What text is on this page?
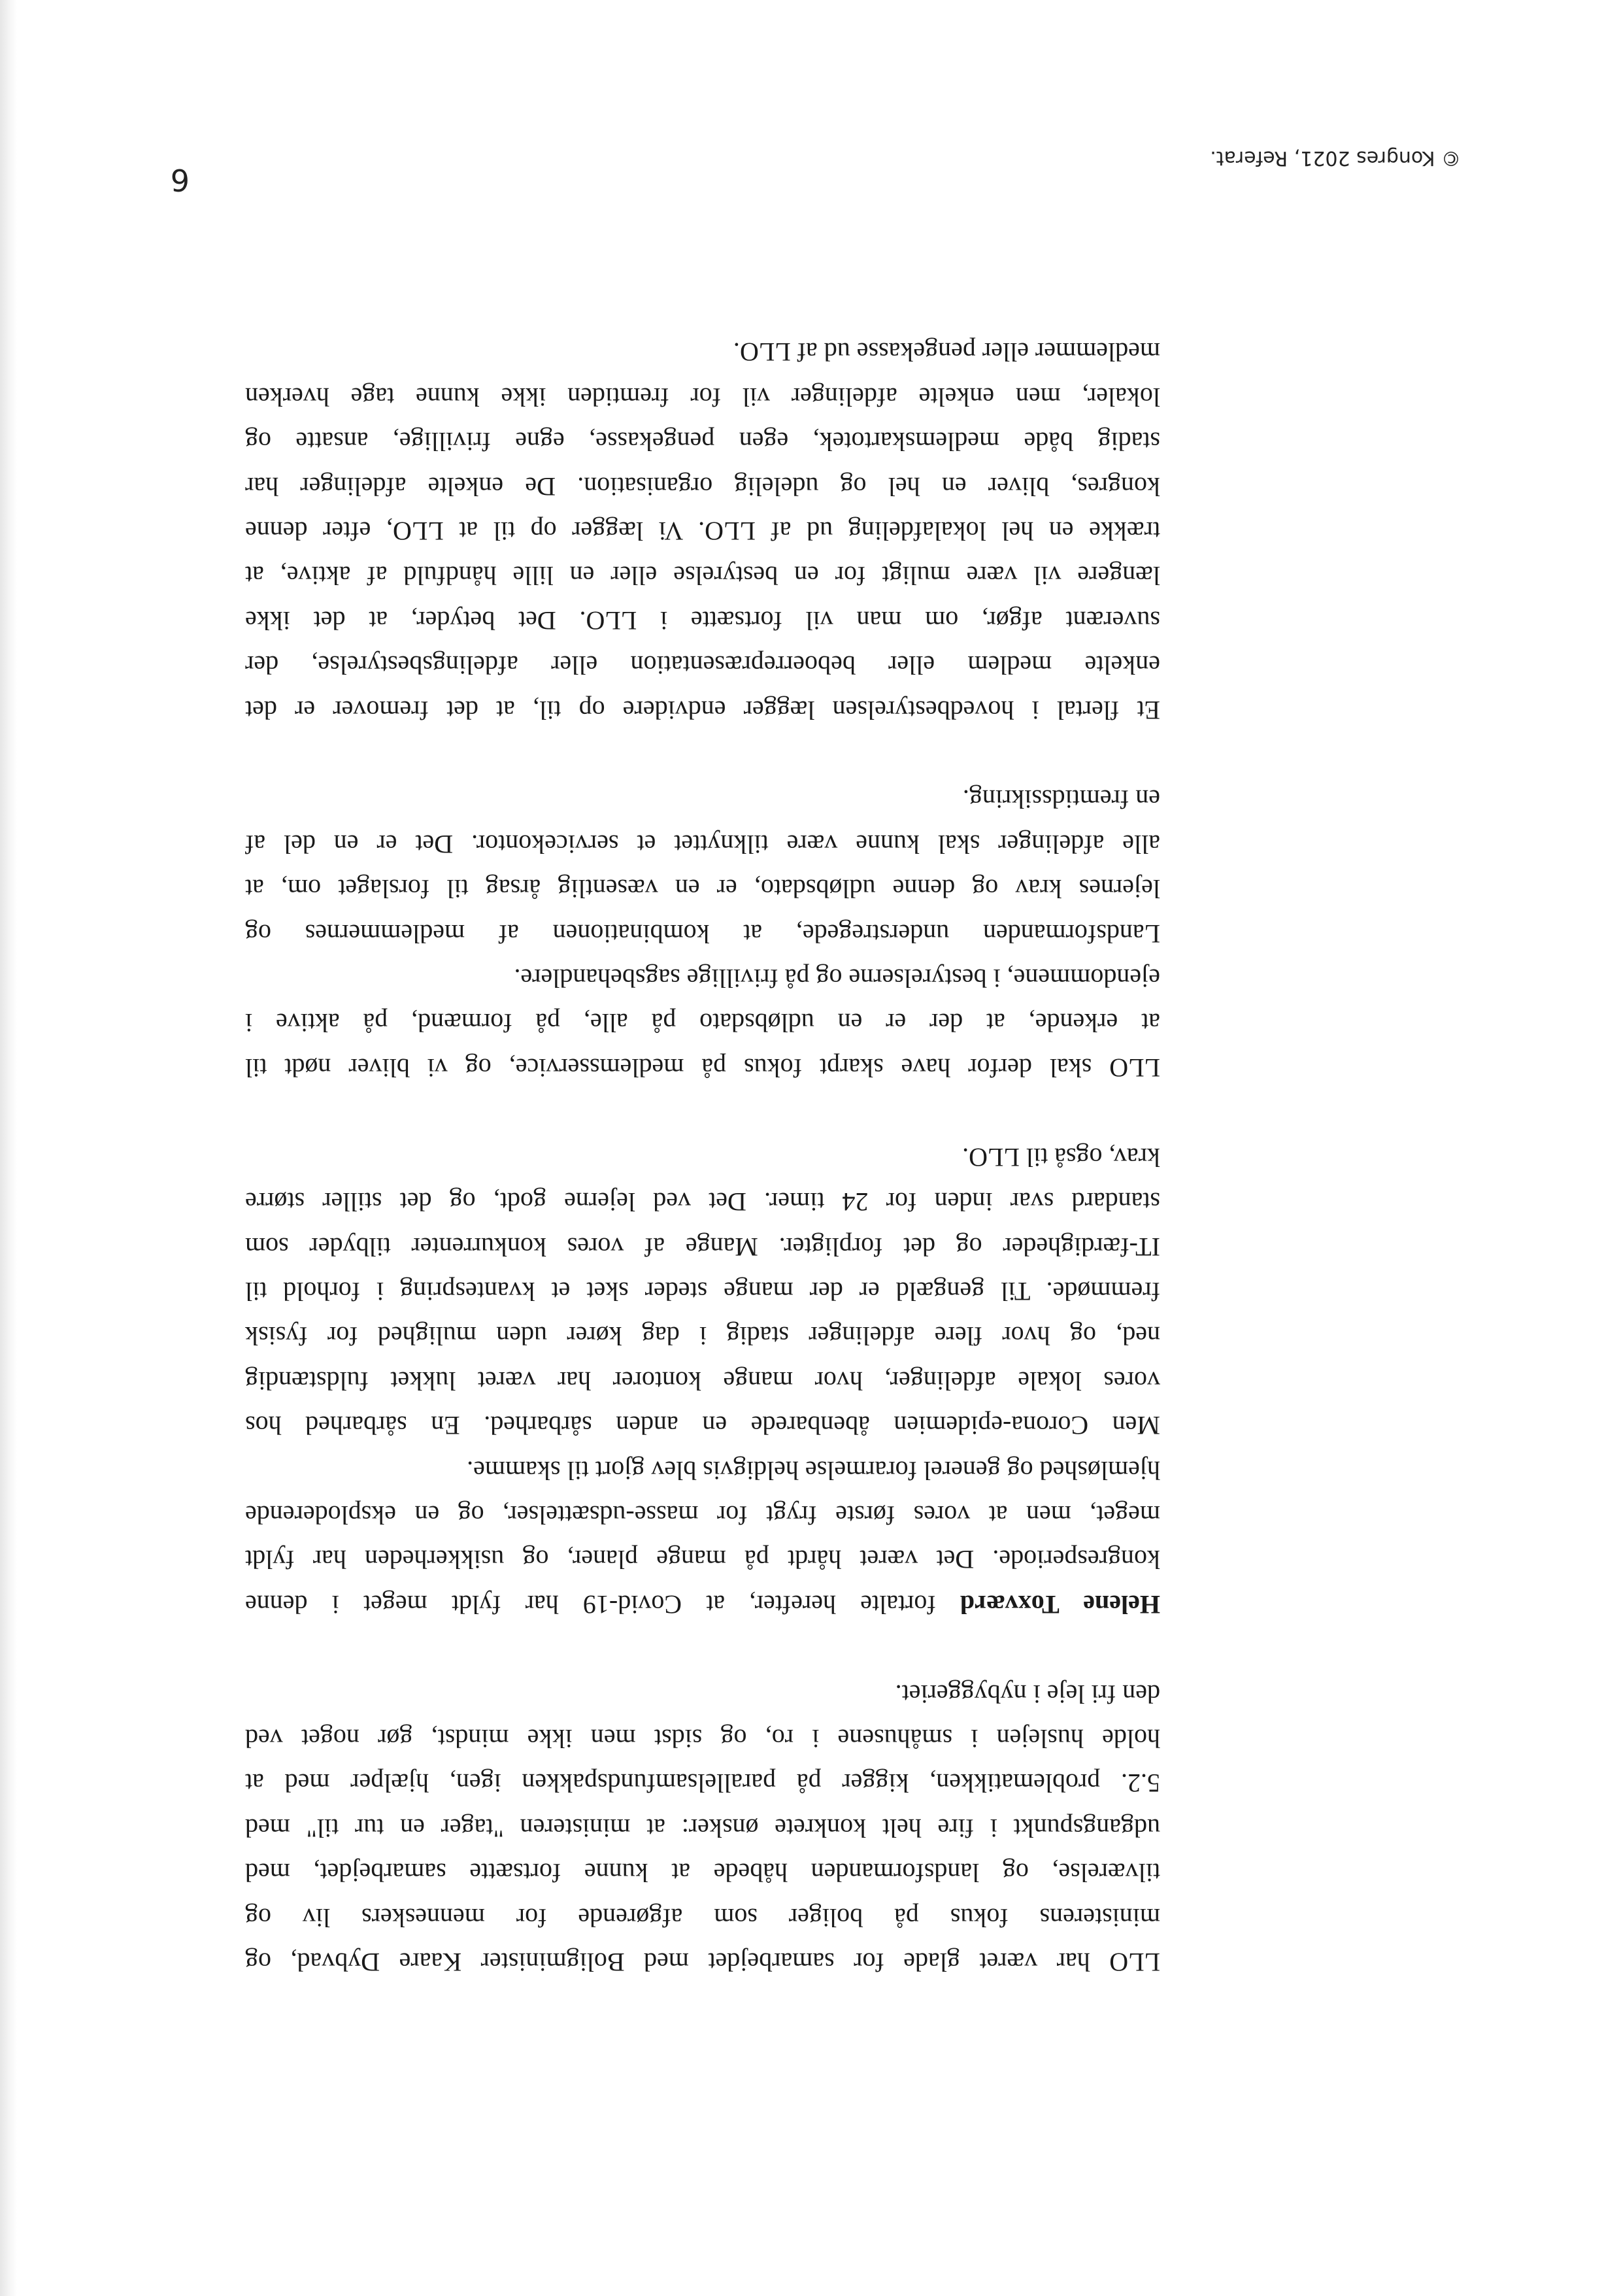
6
LLO har været glade for samarbejdet med Boligminister Kaare Dybvad, og
ministerens fokus på boliger som afgørende for menneskers liv og
tilværelse, og landsformanden håbede at kunne fortsætte samarbejdet, med
udgangspunkt i fire helt konkrete ønsker: at ministeren "tager en tur til" med
5.2. problematikken, kigger på parallelsamfundspakken igen, hjælper med at
holde huslejen i småhusene i ro, og sidst men ikke mindst, gør noget ved
den fri leje i nybyggeriet.
Helene Toxværd fortalte herefter, at Covid-19 har fyldt meget i denne
kongresperiode. Det været hårdt på mange planer, og usikkerheden har fyldt
meget, men at vores første frygt for masse-udsættelser, og en eksploderende
hjemløshed og generel forarmelse heldigvis blev gjort til skamme.
Men Corona-epidemien åbenbarede en anden sårbarhed. En sårbarhed hos
vores lokale afdelinger, hvor mange kontorer har været lukket fuldstændig
ned, og hvor flere afdelinger stadig i dag kører uden mulighed for fysisk
fremmøde. Til gengæld er der mange steder sket et kvantespring i forhold til
IT-færdigheder og det forpligter. Mange af vores konkurrenter tilbyder som
standard svar inden for 24 timer. Det ved lejerne godt, og det stiller større
krav, også til LLO.
LLO skal derfor have skarpt fokus på medlemsservice, og vi bliver nødt til
at erkende, at der er en udløbsdato på alle, på formænd, på aktive i
ejendommene, i bestyrelserne og på frivillige sagsbehandlere.
Landsformanden understregede, at kombinationen af medlemmernes og
lejernes krav og denne udløbsdato, er en væsentlig årsag til forslaget om, at
alle afdelinger skal kunne være tilknyttet et servicekontor. Det er en del af
en fremtidssikring.
Et flertal i hovedbestyrelsen lægger endvidere op til, at det fremover er det
enkelte medlem eller beboerrepræsentation eller afdelingsbestyrelse, der
suverænt afgør, om man vil fortsætte i LLO. Det betyder, at det ikke
længere vil være muligt for en bestyrelse eller en lille håndfuld af aktive, at
trække en hel lokalafdeling ud af LLO. Vi lægger op til at LLO, efter denne
kongres, bliver en hel og udelelig organisation. De enkelte afdelinger har
stadig både medlemskartotek, egen pengekasse, egne frivillige, ansatte og
lokaler, men enkelte afdelinger vil for fremtiden ikke kunne tage hverken
medlemmer eller pengekasse ud af LLO.
© Kongres 2021, Referat.
